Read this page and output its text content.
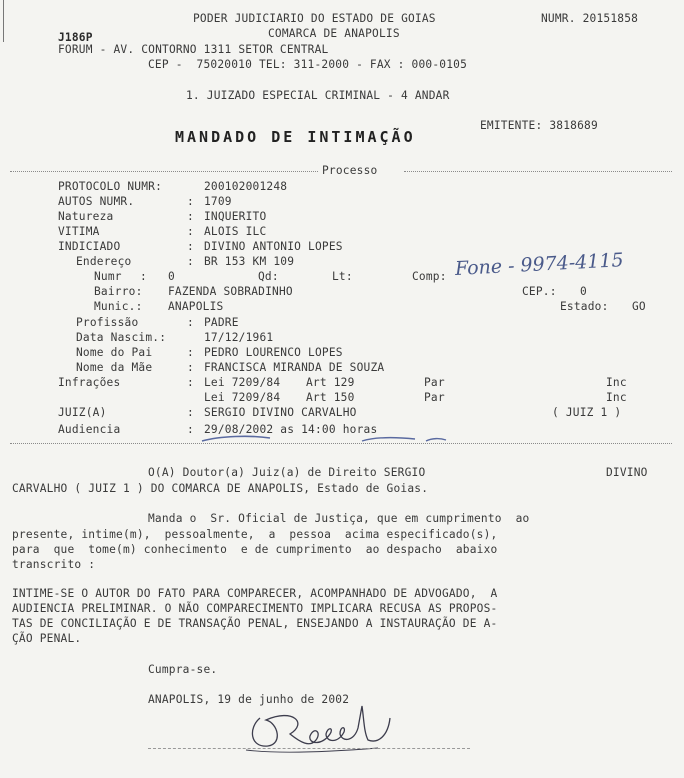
PODER JUDICIARIO DO ESTADO DE GOIAS	NUMR. 20151858
J186P	COMARCA DE ANAPOLIS
FORUM - AV. CONTORNO 1311 SETOR CENTRAL
CEP -  75020010 TEL: 311-2000 - FAX : 000-0105
1. JUIZADO ESPECIAL CRIMINAL - 4 ANDAR
EMITENTE: 3818689
MANDADO DE INTIMAÇÃO
Processo
PROTOCOLO NUMR:	200102001248
AUTOS NUMR.	: 1709
Natureza	: INQUERITO
VITIMA	: ALOIS ILC
INDICIADO	: DIVINO ANTONIO LOPES
Endereço	: BR 153 KM 109
Numr : 0	Qd:	Lt:	Comp: Fone - 9974-4115
Bairro: FAZENDA SOBRADINHO	CEP.: 0
Munic.: ANAPOLIS	Estado: GO
Profissão	: PADRE
Data Nascim.:	17/12/1961
Nome do Pai	: PEDRO LOURENCO LOPES
Nome da Mãe	: FRANCISCA MIRANDA DE SOUZA
Infrações	: Lei 7209/84 Art 129	Par	Inc
Lei 7209/84 Art 150	Par	Inc
JUIZ(A)	: SERGIO DIVINO CARVALHO	( JUIZ 1 )
Audiencia	: 29/08/2002 as 14:00 horas
O(A) Doutor(a) Juiz(a) de Direito SERGIO	DIVINO
CARVALHO ( JUIZ 1 ) DO COMARCA DE ANAPOLIS, Estado de Goias.
Manda o  Sr. Oficial de Justiça, que em cumprimento  ao
presente, intime(m),  pessoalmente,  a  pessoa  acima especificado(s),
para  que  tome(m) conhecimento  e de cumprimento  ao despacho  abaixo
transcrito :
INTIME-SE O AUTOR DO FATO PARA COMPARECER, ACOMPANHADO DE ADVOGADO,  A
AUDIENCIA PRELIMINAR. O NÃO COMPARECIMENTO IMPLICARA RECUSA AS PROPOS-
TAS DE CONCILIAÇÃO E DE TRANSAÇÃO PENAL, ENSEJANDO A INSTAURAÇÃO DE A-
ÇÃO PENAL.
Cumpra-se.
ANAPOLIS, 19 de junho de 2002
